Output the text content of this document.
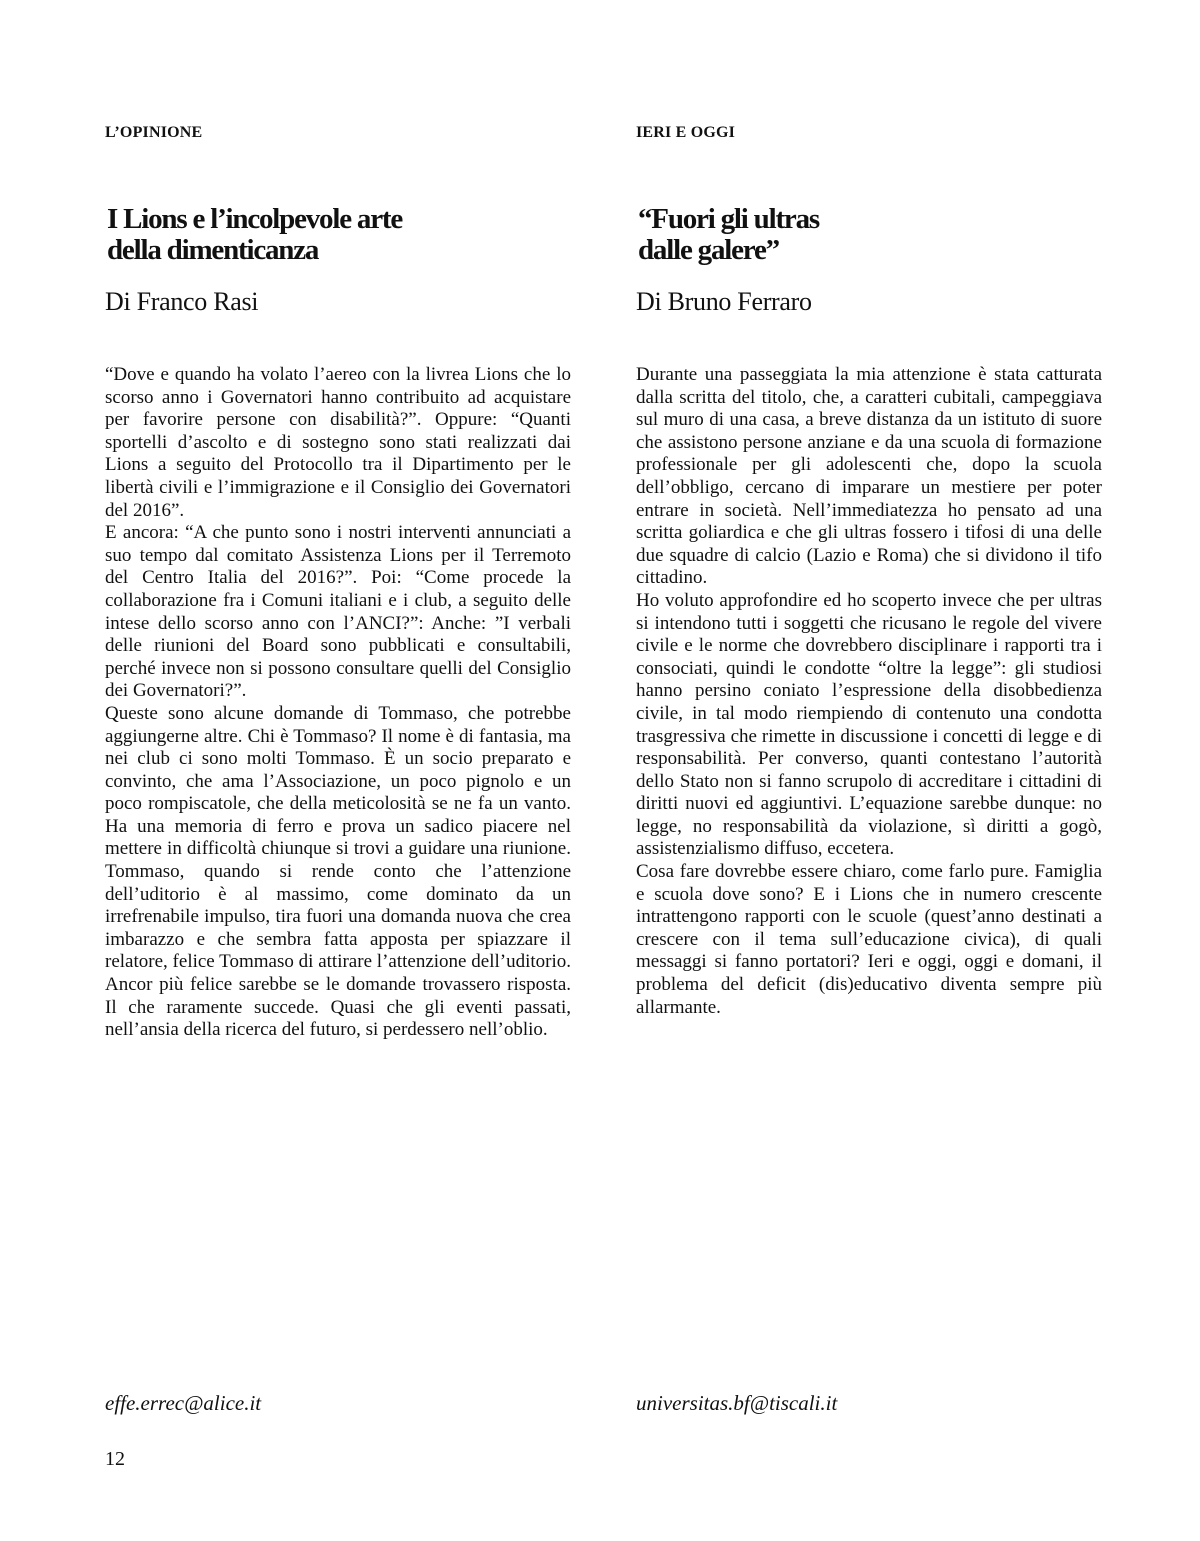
L’OPINIONE
I Lions e l’incolpevole arte
della dimenticanza
Di Franco Rasi

“Dove e quando ha volato l’aereo con la livrea Lions che lo scorso anno i Governatori hanno contribuito ad acquistare per favorire persone con disabilità?”. Oppure: “Quanti sportelli d’ascolto e di sostegno sono stati realizzati dai Lions a seguito del Protocollo tra il Dipartimento per le libertà civili e l’immigrazione e il Consiglio dei Governatori del 2016”.

E ancora: “A che punto sono i nostri interventi annunciati a suo tempo dal comitato Assistenza Lions per il Terremoto del Centro Italia del 2016?”. Poi: “Come procede la collaborazione fra i Comuni italiani e i club, a seguito delle intese dello scorso anno con l’ANCI?”: Anche: ”I verbali delle riunioni del Board sono pubblicati e consultabili, perché invece non si possono consultare quelli del Consiglio dei Governatori?”.

Queste sono alcune domande di Tommaso, che potrebbe aggiungerne altre. Chi è Tommaso? Il nome è di fantasia, ma nei club ci sono molti Tommaso. È un socio preparato e convinto, che ama l’Associazione, un poco pignolo e un poco rompiscatole, che della meticolosità se ne fa un vanto. Ha una memoria di ferro e prova un sadico piacere nel mettere in difficoltà chiunque si trovi a guidare una riunione. Tommaso, quando si rende conto che l’attenzione dell’uditorio è al massimo, come dominato da un irrefrenabile impulso, tira fuori una domanda nuova che crea imbarazzo e che sembra fatta apposta per spiazzare il relatore, felice Tommaso di attirare l’attenzione dell’uditorio. Ancor più felice sarebbe se le domande trovassero risposta. Il che raramente succede. Quasi che gli eventi passati, nell’ansia della ricerca del futuro, si perdessero nell’oblio.

effe.errec@alice.it
IERI E OGGI
“Fuori gli ultras
dalle galere”
Di Bruno Ferraro

Durante una passeggiata la mia attenzione è stata catturata dalla scritta del titolo, che, a caratteri cubitali, campeggiava sul muro di una casa, a breve distanza da un istituto di suore che assistono persone anziane e da una scuola di formazione professionale per gli adolescenti che, dopo la scuola dell’obbligo, cercano di imparare un mestiere per poter entrare in società. Nell’immediatezza ho pensato ad una scritta goliardica e che gli ultras fossero i tifosi di una delle due squadre di calcio (Lazio e Roma) che si dividono il tifo cittadino.

Ho voluto approfondire ed ho scoperto invece che per ultras si intendono tutti i soggetti che ricusano le regole del vivere civile e le norme che dovrebbero disciplinare i rapporti tra i consociati, quindi le condotte “oltre la legge”: gli studiosi hanno persino coniato l’espressione della disobbedienza civile, in tal modo riempiendo di contenuto una condotta trasgressiva che rimette in discussione i concetti di legge e di responsabilità. Per converso, quanti contestano l’autorità dello Stato non si fanno scrupolo di accreditare i cittadini di diritti nuovi ed aggiuntivi. L’equazione sarebbe dunque: no legge, no responsabilità da violazione, sì diritti a gogò, assistenzialismo diffuso, eccetera.

Cosa fare dovrebbe essere chiaro, come farlo pure. Famiglia e scuola dove sono? E i Lions che in numero crescente intrattengono rapporti con le scuole (quest’anno destinati a crescere con il tema sull’educazione civica), di quali messaggi si fanno portatori? Ieri e oggi, oggi e domani, il problema del deficit (dis)educativo diventa sempre più allarmante.

universitas.bf@tiscali.it
12
